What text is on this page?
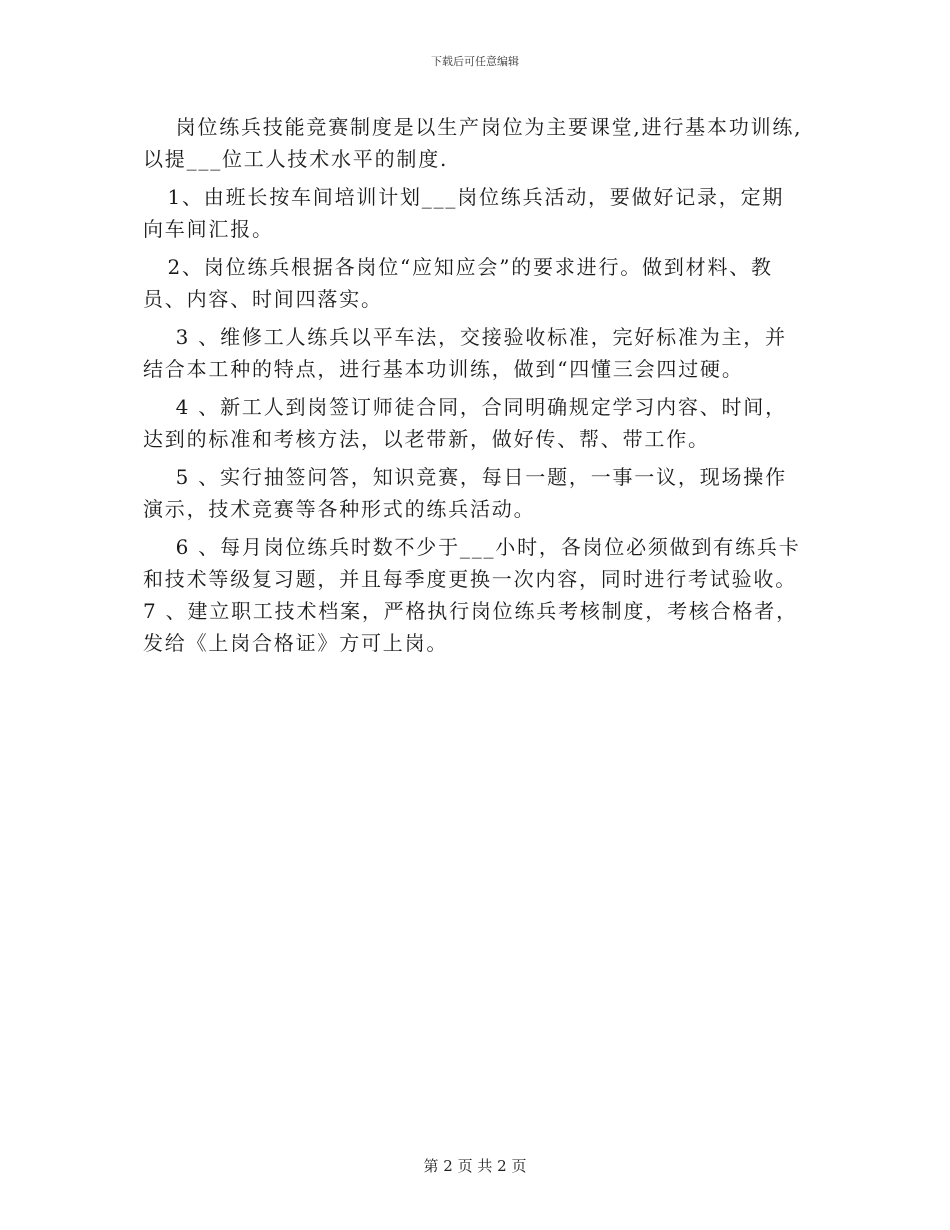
下载后可任意编辑
岗位练兵技能竞赛制度是以生产岗位为主要课堂,进行基本功训练,
以提___位工人技术水平的制度.
1、由班长按车间培训计划___岗位练兵活动，要做好记录，定期
向车间汇报。
2、岗位练兵根据各岗位“应知应会”的要求进行。做到材料、教
员、内容、时间四落实。
3 、维修工人练兵以平车法，交接验收标准，完好标准为主，并
结合本工种的特点，进行基本功训练，做到“四懂三会四过硬。
4 、新工人到岗签订师徒合同，合同明确规定学习内容、时间，
达到的标准和考核方法，以老带新，做好传、帮、带工作。
5 、实行抽签问答，知识竞赛，每日一题，一事一议，现场操作
演示，技术竞赛等各种形式的练兵活动。
6 、每月岗位练兵时数不少于___小时，各岗位必须做到有练兵卡
和技术等级复习题，并且每季度更换一次内容，同时进行考试验收。
7 、建立职工技术档案，严格执行岗位练兵考核制度，考核合格者，
发给《上岗合格证》方可上岗。
第 2 页 共 2 页
